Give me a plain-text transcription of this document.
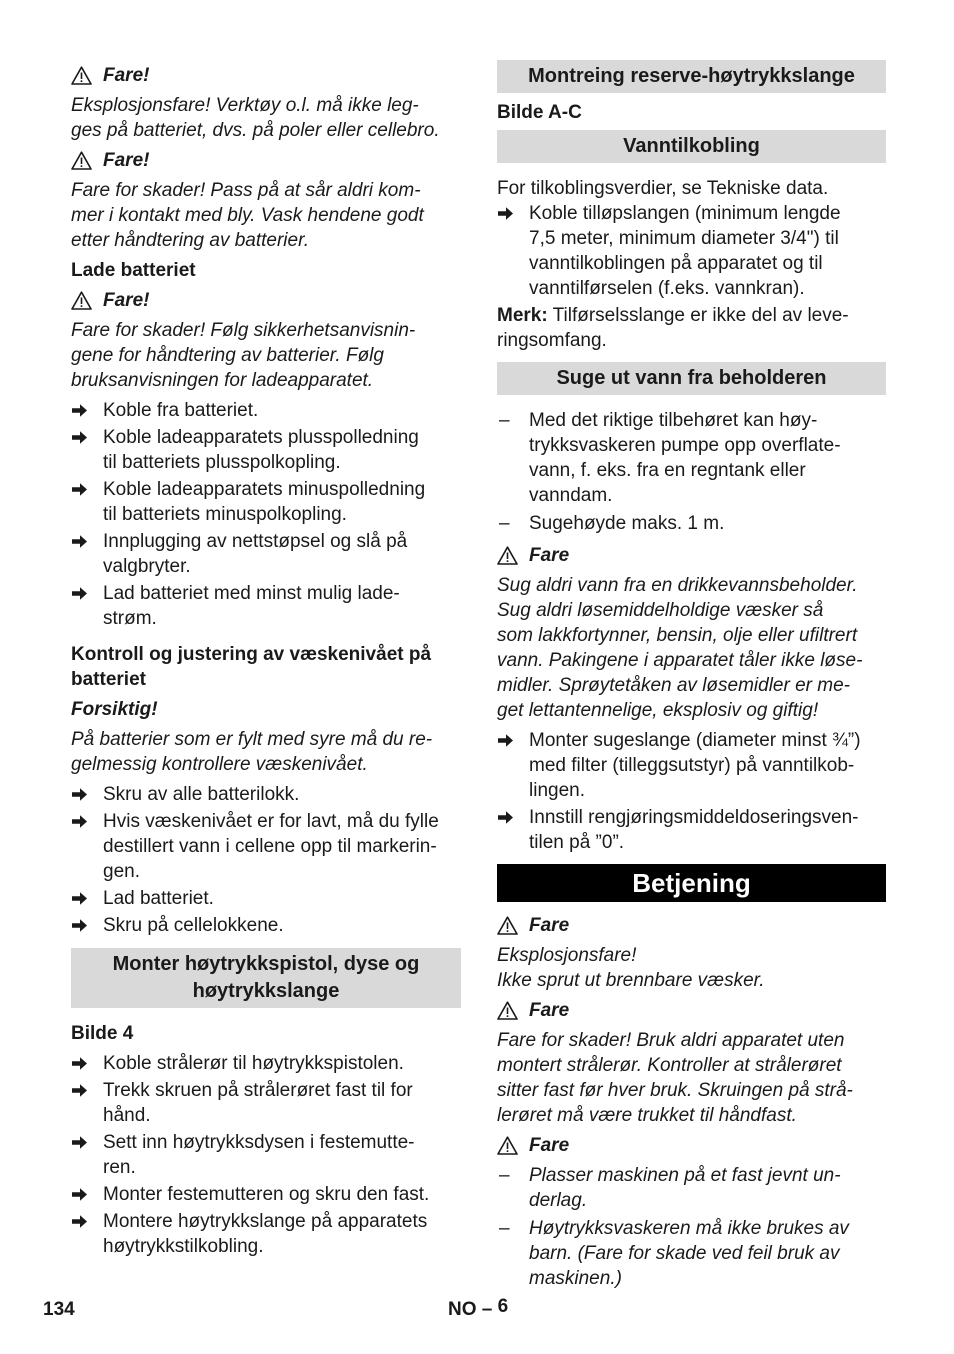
Fare!
Eksplosjonsfare! Verktøy o.l. må ikke leg-
ges på batteriet, dvs. på poler eller cellebro.
Fare!
Fare for skader! Pass på at sår aldri kom-
mer i kontakt med bly. Vask hendene godt
etter håndtering av batterier.
Lade batteriet
Fare!
Fare for skader! Følg sikkerhetsanvisnin-
gene for håndtering av batterier. Følg
bruksanvisningen for ladeapparatet.
Koble fra batteriet.
Koble ladeapparatets plusspolledning
til batteriets plusspolkopling.
Koble ladeapparatets minuspolledning
til batteriets minuspolkopling.
Innplugging av nettstøpsel og slå på
valgbryter.
Lad batteriet med minst mulig lade-
strøm.
Kontroll og justering av væskenivået på
batteriet
Forsiktig!
På batterier som er fylt med syre må du re-
gelmessig kontrollere væskenivået.
Skru av alle batterilokk.
Hvis væskenivået er for lavt, må du fylle
destillert vann i cellene opp til markerin-
gen.
Lad batteriet.
Skru på cellelokkene.
Monter høytrykkspistol, dyse og
høytrykkslange
Bilde 4
Koble strålerør til høytrykkspistolen.
Trekk skruen på strålerøret fast til for
hånd.
Sett inn høytrykksdysen i festemutte-
ren.
Monter festemutteren og skru den fast.
Montere høytrykkslange på apparatets
høytrykkstilkobling.
Montreing reserve-høytrykkslange
Bilde A-C
Vanntilkobling
For tilkoblingsverdier, se Tekniske data.
Koble tilløpslangen (minimum lengde
7,5 meter, minimum diameter 3/4") til
vanntilkoblingen på apparatet og til
vanntilførselen (f.eks. vannkran).
Merk: Tilførselsslange er ikke del av leve-
ringsomfang.
Suge ut vann fra beholderen
–	Med det riktige tilbehøret kan høy-
trykksvaskeren pumpe opp overflate-
vann, f. eks. fra en regntank eller
vanndam.
–	Sugehøyde maks. 1 m.
Fare
Sug aldri vann fra en drikkevannsbeholder.
Sug aldri løsemiddelholdige væsker så
som lakkfortynner, bensin, olje eller ufiltrert
vann. Pakingene i apparatet tåler ikke løse-
midler. Sprøytetåken av løsemidler er me-
get lettantennelige, eksplosiv og giftig!
Monter sugeslange (diameter minst ¾”)
med filter (tilleggsutstyr) på vanntilkob-
lingen.
Innstill rengjøringsmiddeldoseringsven-
tilen på ”0”.
Betjening
Fare
Eksplosjonsfare!
Ikke sprut ut brennbare væsker.
Fare
Fare for skader! Bruk aldri apparatet uten
montert strålerør. Kontroller at strålerøret
sitter fast før hver bruk. Skruingen på strå-
lerøret må være trukket til håndfast.
Fare
–	Plasser maskinen på et fast jevnt un-
derlag.
–	Høytrykksvaskeren må ikke brukes av
barn. (Fare for skade ved feil bruk av
maskinen.)
134	NO – 6
